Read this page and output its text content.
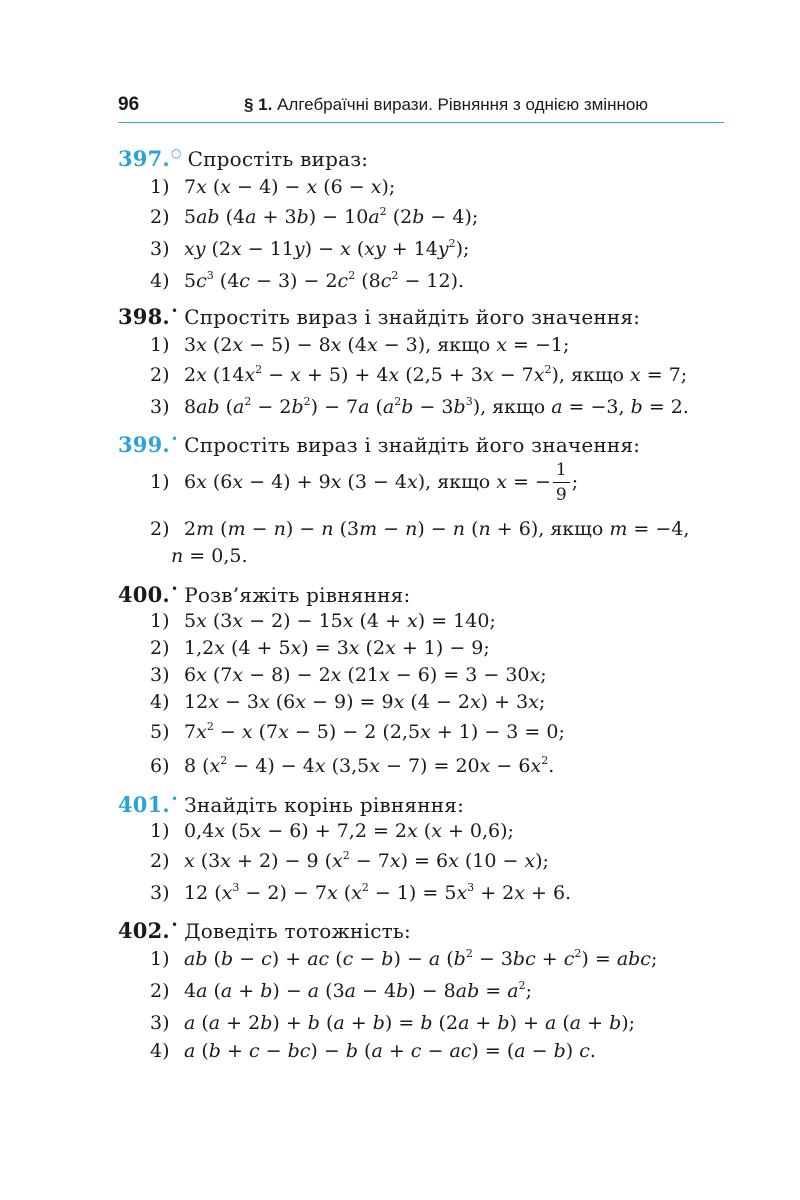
96	§ 1. Алгебраїчні вирази. Рівняння з однією змінною
397.○ Спростіть вираз:
1) 7x (x − 4) − x (6 − x);
2) 5ab $(4a + 3b) - 10a^2$ (2b − 4);
3) xy (2x − 11y) − x $(xy + 14y^2)$;
4) $5c^3$ $(4c - 3) - 2c^2$ $(8c^2 - 12)$.
398.• Спростіть вираз і знайдіть його значення:
1) 3x (2x − 5) − 8x (4x − 3), якщо x = −1;
2) 2x $(14x^2 - x + 5) + 4x$ $(2,5 + 3x - 7x^2)$, якщо x = 7;
3) 8ab $(a^2 - 2b^2) - 7a$ $(a^2b - 3b^3)$, якщо a = −3, b = 2.
399.• Спростіть вираз і знайдіть його значення:
1) 6x (6x − 4) + 9x (3 − 4x), якщо x = − $\frac{1}{9}$ ;
2) 2m (m − n) − n (3m − n) − n (n + 6), якщо m = −4,
n = 0,5.
400.• Розв’яжіть рівняння:
1) 5x (3x − 2) − 15x (4 + x) = 140;
2) 1,2x (4 + 5x) = 3x (2x + 1) − 9;
3) 6x (7x − 8) − 2x (21x − 6) = 3 − 30x;
4) 12x − 3x (6x − 9) = 9x (4 − 2x) + 3x;
5) $7x^2 - x$ (7x − 5) − 2 (2,5x + 1) − 3 = 0;
6) 8 $(x^2 - 4) - 4x$ $(3,5x - 7) = 20x - 6x^2$.
401.• Знайдіть корінь рівняння:
1) 0,4x (5x − 6) + 7,2 = 2x (x + 0,6);
2) x (3x + 2) − 9 $(x^2 - 7x) = 6x$ (10 − x);
3) 12 $(x^3 - 2) - 7x$ $(x^2 - 1) = 5x^3 + 2x + 6$.
402.• Доведіть тотожність:
1) ab (b − c) + ac (c − b) − a $(b^2 - 3bc + c^2)$ = abc;
2) 4a (a + b) − a $(3a - 4b) - 8ab = a^2$;
3) a (a + 2b) + b (a + b) = b (2a + b) + a (a + b);
4) a (b + c − bc) − b (a + c − ac) = (a − b) c.
